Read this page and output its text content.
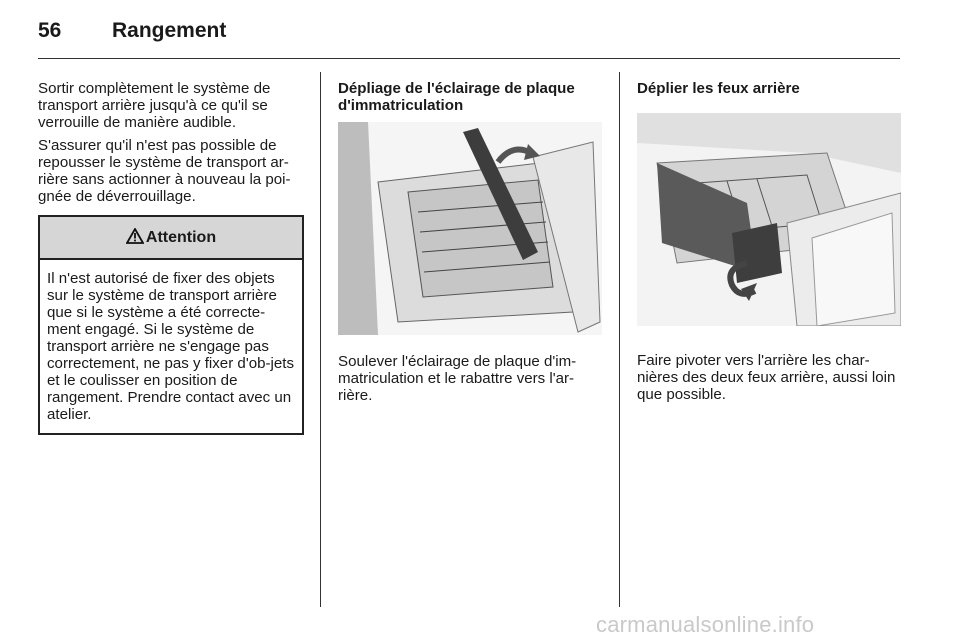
56 Rangement

Sortir complètement le système de transport arrière jusqu'à ce qu'il se verrouille de manière audible.

S'assurer qu'il n'est pas possible de repousser le système de transport ar-rière sans actionner à nouveau la poi-gnée de déverrouillage.

Attention
Il n'est autorisé de fixer des objets sur le système de transport arrière que si le système a été correcte-ment engagé. Si le système de transport arrière ne s'engage pas correctement, ne pas y fixer d'ob-jets et le coulisser en position de rangement. Prendre contact avec un atelier.
Dépliage de l'éclairage de plaque d'immatriculation

Soulever l'éclairage de plaque d'im-matriculation et le rabattre vers l'ar-rière.

Déplier les feux arrière

Faire pivoter vers l'arrière les char-nières des deux feux arrière, aussi loin que possible.

carmanualsonline.info
